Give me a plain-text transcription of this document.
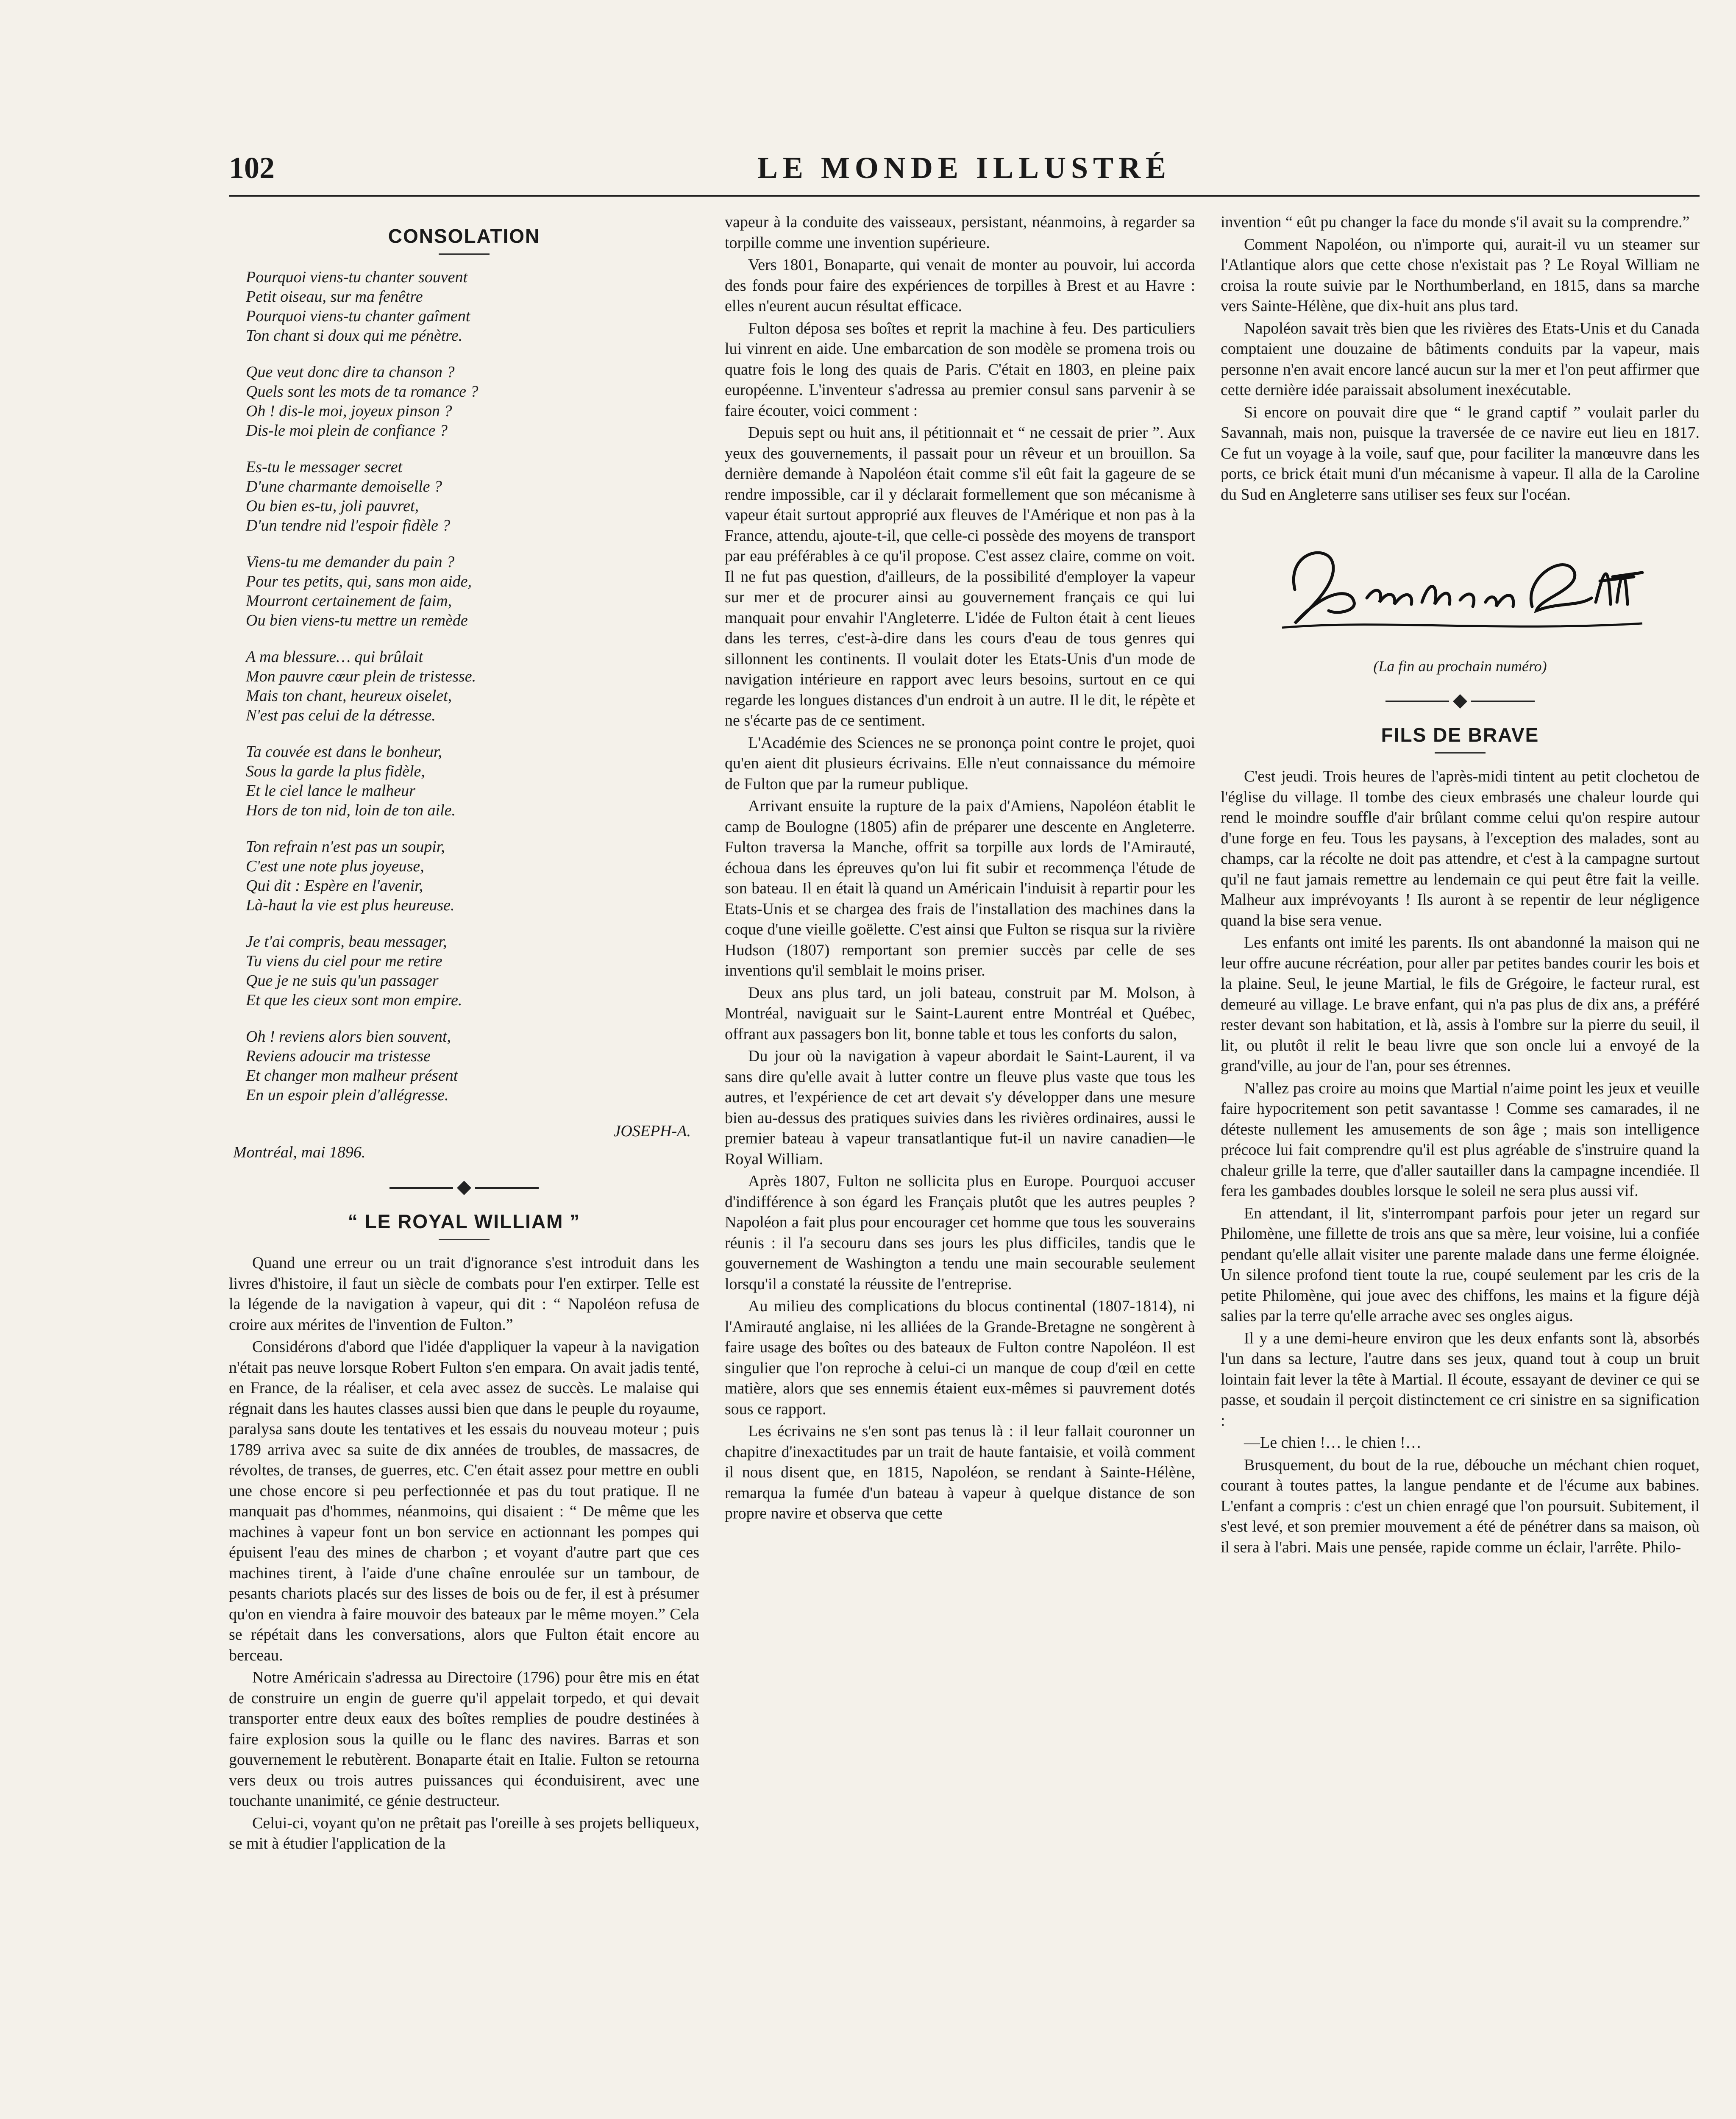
102	LE MONDE ILLUSTRÉ
CONSOLATION
Pourquoi viens-tu chanter souvent
Petit oiseau, sur ma fenêtre
Pourquoi viens-tu chanter gaîment
Ton chant si doux qui me pénètre.
Que veut donc dire ta chanson ?
Quels sont les mots de ta romance ?
Oh ! dis-le moi, joyeux pinson ?
Dis-le moi plein de confiance ?
Es-tu le messager secret
D'une charmante demoiselle ?
Ou bien es-tu, joli pauvret,
D'un tendre nid l'espoir fidèle ?
Viens-tu me demander du pain ?
Pour tes petits, qui, sans mon aide,
Mourront certainement de faim,
Ou bien viens-tu mettre un remède
A ma blessure… qui brûlait
Mon pauvre cœur plein de tristesse.
Mais ton chant, heureux oiselet,
N'est pas celui de la détresse.
Ta couvée est dans le bonheur,
Sous la garde la plus fidèle,
Et le ciel lance le malheur
Hors de ton nid, loin de ton aile.
Ton refrain n'est pas un soupir,
C'est une note plus joyeuse,
Qui dit : Espère en l'avenir,
Là-haut la vie est plus heureuse.
Je t'ai compris, beau messager,
Tu viens du ciel pour me retire
Que je ne suis qu'un passager
Et que les cieux sont mon empire.
Oh ! reviens alors bien souvent,
Reviens adoucir ma tristesse
Et changer mon malheur présent
En un espoir plein d'allégresse.
JOSEPH-A.
Montréal, mai 1896.
“ LE ROYAL WILLIAM ”

Quand une erreur ou un trait d'ignorance s'est introduit dans les livres d'histoire, il faut un siècle de combats pour l'en extirper. Telle est la légende de la navigation à vapeur, qui dit : “ Napoléon refusa de croire aux mérites de l'invention de Fulton.”

Considérons d'abord que l'idée d'appliquer la vapeur à la navigation n'était pas neuve lorsque Robert Fulton s'en empara. On avait jadis tenté, en France, de la réaliser, et cela avec assez de succès. Le malaise qui régnait dans les hautes classes aussi bien que dans le peuple du royaume, paralysa sans doute les tentatives et les essais du nouveau moteur ; puis 1789 arriva avec sa suite de dix années de troubles, de massacres, de révoltes, de transes, de guerres, etc. C'en était assez pour mettre en oubli une chose encore si peu perfectionnée et pas du tout pratique. Il ne manquait pas d'hommes, néanmoins, qui disaient : “ De même que les machines à vapeur font un bon service en actionnant les pompes qui épuisent l'eau des mines de charbon ; et voyant d'autre part que ces machines tirent, à l'aide d'une chaîne enroulée sur un tambour, de pesants chariots placés sur des lisses de bois ou de fer, il est à présumer qu'on en viendra à faire mouvoir des bateaux par le même moyen.” Cela se répétait dans les conversations, alors que Fulton était encore au berceau.

Notre Américain s'adressa au Directoire (1796) pour être mis en état de construire un engin de guerre qu'il appelait torpedo, et qui devait transporter entre deux eaux des boîtes remplies de poudre destinées à faire explosion sous la quille ou le flanc des navires. Barras et son gouvernement le rebutèrent. Bonaparte était en Italie. Fulton se retourna vers deux ou trois autres puissances qui éconduisirent, avec une touchante unanimité, ce génie destructeur.

Celui-ci, voyant qu'on ne prêtait pas l'oreille à ses projets belliqueux, se mit à étudier l'application de la

vapeur à la conduite des vaisseaux, persistant, néanmoins, à regarder sa torpille comme une invention supérieure.

Vers 1801, Bonaparte, qui venait de monter au pouvoir, lui accorda des fonds pour faire des expériences de torpilles à Brest et au Havre : elles n'eurent aucun résultat efficace.

Fulton déposa ses boîtes et reprit la machine à feu. Des particuliers lui vinrent en aide. Une embarcation de son modèle se promena trois ou quatre fois le long des quais de Paris. C'était en 1803, en pleine paix européenne. L'inventeur s'adressa au premier consul sans parvenir à se faire écouter, voici comment :

Depuis sept ou huit ans, il pétitionnait et “ ne cessait de prier ”. Aux yeux des gouvernements, il passait pour un rêveur et un brouillon. Sa dernière demande à Napoléon était comme s'il eût fait la gageure de se rendre impossible, car il y déclarait formellement que son mécanisme à vapeur était surtout approprié aux fleuves de l'Amérique et non pas à la France, attendu, ajoute-t-il, que celle-ci possède des moyens de transport par eau préférables à ce qu'il propose. C'est assez claire, comme on voit. Il ne fut pas question, d'ailleurs, de la possibilité d'employer la vapeur sur mer et de procurer ainsi au gouvernement français ce qui lui manquait pour envahir l'Angleterre. L'idée de Fulton était à cent lieues dans les terres, c'est-à-dire dans les cours d'eau de tous genres qui sillonnent les continents. Il voulait doter les Etats-Unis d'un mode de navigation intérieure en rapport avec leurs besoins, surtout en ce qui regarde les longues distances d'un endroit à un autre. Il le dit, le répète et ne s'écarte pas de ce sentiment.

L'Académie des Sciences ne se prononça point contre le projet, quoi qu'en aient dit plusieurs écrivains. Elle n'eut connaissance du mémoire de Fulton que par la rumeur publique.

Arrivant ensuite la rupture de la paix d'Amiens, Napoléon établit le camp de Boulogne (1805) afin de préparer une descente en Angleterre. Fulton traversa la Manche, offrit sa torpille aux lords de l'Amirauté, échoua dans les épreuves qu'on lui fit subir et recommença l'étude de son bateau. Il en était là quand un Américain l'induisit à repartir pour les Etats-Unis et se chargea des frais de l'installation des machines dans la coque d'une vieille goëlette. C'est ainsi que Fulton se risqua sur la rivière Hudson (1807) remportant son premier succès par celle de ses inventions qu'il semblait le moins priser.

Deux ans plus tard, un joli bateau, construit par M. Molson, à Montréal, naviguait sur le Saint-Laurent entre Montréal et Québec, offrant aux passagers bon lit, bonne table et tous les conforts du salon,

Du jour où la navigation à vapeur abordait le Saint-Laurent, il va sans dire qu'elle avait à lutter contre un fleuve plus vaste que tous les autres, et l'expérience de cet art devait s'y développer dans une mesure bien au-dessus des pratiques suivies dans les rivières ordinaires, aussi le premier bateau à vapeur transatlantique fut-il un navire canadien—le Royal William.

Après 1807, Fulton ne sollicita plus en Europe. Pourquoi accuser d'indifférence à son égard les Français plutôt que les autres peuples ? Napoléon a fait plus pour encourager cet homme que tous les souverains réunis : il l'a secouru dans ses jours les plus difficiles, tandis que le gouvernement de Washington a tendu une main secourable seulement lorsqu'il a constaté la réussite de l'entreprise.

Au milieu des complications du blocus continental (1807-1814), ni l'Amirauté anglaise, ni les alliées de la Grande-Bretagne ne songèrent à faire usage des boîtes ou des bateaux de Fulton contre Napoléon. Il est singulier que l'on reproche à celui-ci un manque de coup d'œil en cette matière, alors que ses ennemis étaient eux-mêmes si pauvrement dotés sous ce rapport.

Les écrivains ne s'en sont pas tenus là : il leur fallait couronner un chapitre d'inexactitudes par un trait de haute fantaisie, et voilà comment il nous disent que, en 1815, Napoléon, se rendant à Sainte-Hélène, remarqua la fumée d'un bateau à vapeur à quelque distance de son propre navire et observa que cette

invention “ eût pu changer la face du monde s'il avait su la comprendre.”

Comment Napoléon, ou n'importe qui, aurait-il vu un steamer sur l'Atlantique alors que cette chose n'existait pas ? Le Royal William ne croisa la route suivie par le Northumberland, en 1815, dans sa marche vers Sainte-Hélène, que dix-huit ans plus tard.

Napoléon savait très bien que les rivières des Etats-Unis et du Canada comptaient une douzaine de bâtiments conduits par la vapeur, mais personne n'en avait encore lancé aucun sur la mer et l'on peut affirmer que cette dernière idée paraissait absolument inexécutable.

Si encore on pouvait dire que “ le grand captif ” voulait parler du Savannah, mais non, puisque la traversée de ce navire eut lieu en 1817. Ce fut un voyage à la voile, sauf que, pour faciliter la manœuvre dans les ports, ce brick était muni d'un mécanisme à vapeur. Il alla de la Caroline du Sud en Angleterre sans utiliser ses feux sur l'océan.

(La fin au prochain numéro)
FILS DE BRAVE

C'est jeudi. Trois heures de l'après-midi tintent au petit clochetou de l'église du village. Il tombe des cieux embrasés une chaleur lourde qui rend le moindre souffle d'air brûlant comme celui qu'on respire autour d'une forge en feu. Tous les paysans, à l'exception des malades, sont au champs, car la récolte ne doit pas attendre, et c'est à la campagne surtout qu'il ne faut jamais remettre au lendemain ce qui peut être fait la veille. Malheur aux imprévoyants ! Ils auront à se repentir de leur négligence quand la bise sera venue.

Les enfants ont imité les parents. Ils ont abandonné la maison qui ne leur offre aucune récréation, pour aller par petites bandes courir les bois et la plaine. Seul, le jeune Martial, le fils de Grégoire, le facteur rural, est demeuré au village. Le brave enfant, qui n'a pas plus de dix ans, a préféré rester devant son habitation, et là, assis à l'ombre sur la pierre du seuil, il lit, ou plutôt il relit le beau livre que son oncle lui a envoyé de la grand'ville, au jour de l'an, pour ses étrennes.

N'allez pas croire au moins que Martial n'aime point les jeux et veuille faire hypocritement son petit savantasse ! Comme ses camarades, il ne déteste nullement les amusements de son âge ; mais son intelligence précoce lui fait comprendre qu'il est plus agréable de s'instruire quand la chaleur grille la terre, que d'aller sautailler dans la campagne incendiée. Il fera les gambades doubles lorsque le soleil ne sera plus aussi vif.

En attendant, il lit, s'interrompant parfois pour jeter un regard sur Philomène, une fillette de trois ans que sa mère, leur voisine, lui a confiée pendant qu'elle allait visiter une parente malade dans une ferme éloignée. Un silence profond tient toute la rue, coupé seulement par les cris de la petite Philomène, qui joue avec des chiffons, les mains et la figure déjà salies par la terre qu'elle arrache avec ses ongles aigus.

Il y a une demi-heure environ que les deux enfants sont là, absorbés l'un dans sa lecture, l'autre dans ses jeux, quand tout à coup un bruit lointain fait lever la tête à Martial. Il écoute, essayant de deviner ce qui se passe, et soudain il perçoit distinctement ce cri sinistre en sa signification :

—Le chien !… le chien !…

Brusquement, du bout de la rue, débouche un méchant chien roquet, courant à toutes pattes, la langue pendante et de l'écume aux babines. L'enfant a compris : c'est un chien enragé que l'on poursuit. Subitement, il s'est levé, et son premier mouvement a été de pénétrer dans sa maison, où il sera à l'abri. Mais une pensée, rapide comme un éclair, l'arrête. Philo-
